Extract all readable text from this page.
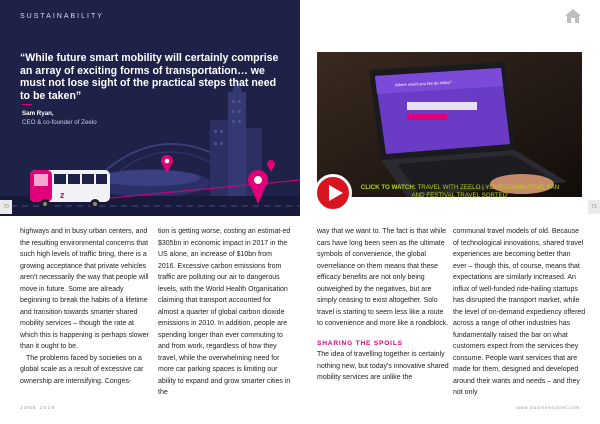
SUSTAINABILITY
z
“While future smart mobility will certainly comprise an array of exciting forms of transportation… we must not lose sight of the practical steps that need to be taken”
Sam Ryan,
CEO & co-founder of Zeelo
Where would you like go today?
CLICK TO WATCH: TRAVEL WITH ZEELO | YOUR COMMUTING, FAN AND FESTIVAL TRAVEL SORTED'
70	71

highways and in busy urban centers, and the resulting environmental concerns that such high levels of traffic bring, there is a growing acceptance that private vehicles aren't necessarily the way that people will move in future. Some are already beginning to break the habits of a lifetime and transition towards smarter shared mobility services – though the rate at which this is happening is perhaps slower than it ought to be.

The problems faced by societies on a global scale as a result of excessive car ownership are intensifying. Conges-

tion is getting worse, costing an estimat-ed $305bn in economic impact in 2017 in the US alone, an increase of $10bn from 2016. Excessive carbon emissions from traffic are polluting our air to dangerous levels, with the World Health Organisation claiming that transport accounted for almost a quarter of global carbon dioxide emissions in 2010. In addition, people are spending longer than ever commuting to and from work, regardless of how they travel, while the overwhelming need for more car parking spaces is limiting our ability to expand and grow smarter cities in the

way that we want to. The fact is that while cars have long been seen as the ultimate symbols of convenience, the global overreliance on them means that these efficacy benefits are not only being outweighed by the negatives, but are simply ceasing to exist altogether. Solo travel is starting to seem less like a route to convenience and more like a roadblock.

SHARING THE SPOILS

The idea of travelling together is certainly nothing new, but today's innovative shared mobility services are unlike the

communal travel models of old. Because of technological innovations, shared travel experiences are becoming better than ever – though this, of course, means that expectations are similarly increased. An influx of well-funded ride-hailing startups has disrupted the transport market, while the level of on-demand expediency offered across a range of other industries has fundamentally raised the bar on what customers expect from the services they consume. People want services that are made for them, designed and developed around their wants and needs – and they not only

JUNE 2019	www.businesschief.com
